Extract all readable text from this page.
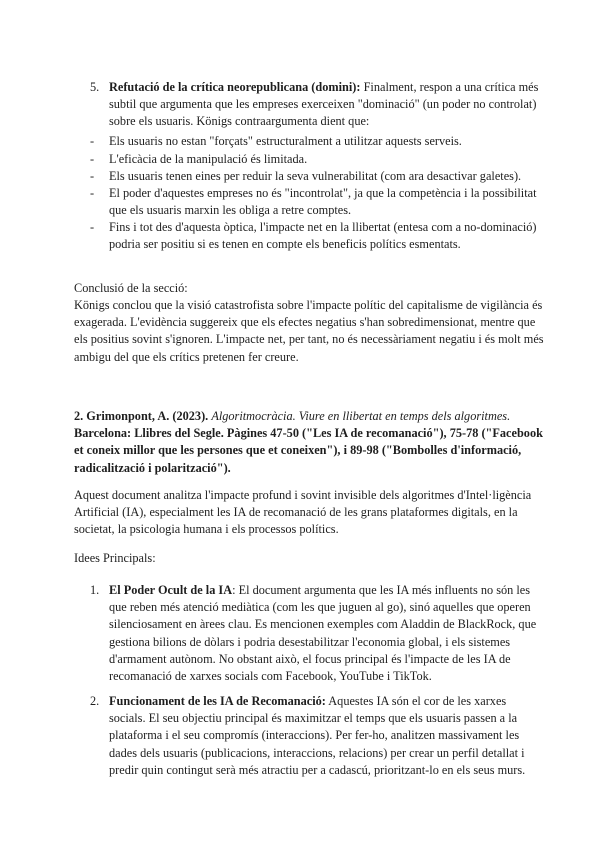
5. Refutació de la crítica neorepublicana (domini): Finalment, respon a una crítica més subtil que argumenta que les empreses exerceixen "dominació" (un poder no controlat) sobre els usuaris. Königs contraargumenta dient que:
- Els usuaris no estan "forçats" estructuralment a utilitzar aquests serveis.
- L'eficàcia de la manipulació és limitada.
- Els usuaris tenen eines per reduir la seva vulnerabilitat (com ara desactivar galetes).
- El poder d'aquestes empreses no és "incontrolat", ja que la competència i la possibilitat que els usuaris marxin les obliga a retre comptes.
- Fins i tot des d'aquesta òptica, l'impacte net en la llibertat (entesa com a no-dominació) podria ser positiu si es tenen en compte els beneficis polítics esmentats.
Conclusió de la secció:
Königs conclou que la visió catastrofista sobre l'impacte polític del capitalisme de vigilància és exagerada. L'evidència suggereix que els efectes negatius s'han sobredimensionat, mentre que els positius sovint s'ignoren. L'impacte net, per tant, no és necessàriament negatiu i és molt més ambigu del que els crítics pretenen fer creure.
2. Grimonpont, A. (2023). Algoritmocràcia. Viure en llibertat en temps dels algoritmes. Barcelona: Llibres del Segle. Pàgines 47-50 ("Les IA de recomanació"), 75-78 ("Facebook et coneix millor que les persones que et coneixen"), i 89-98 ("Bombolles d'informació, radicalització i polarització").
Aquest document analitza l'impacte profund i sovint invisible dels algoritmes d'Intel·ligència Artificial (IA), especialment les IA de recomanació de les grans plataformes digitals, en la societat, la psicologia humana i els processos polítics.
Idees Principals:
1. El Poder Ocult de la IA: El document argumenta que les IA més influents no són les que reben més atenció mediàtica (com les que juguen al go), sinó aquelles que operen silenciosament en àrees clau. Es mencionen exemples com Aladdin de BlackRock, que gestiona bilions de dòlars i podria desestabilitzar l'economia global, i els sistemes d'armament autònom. No obstant això, el focus principal és l'impacte de les IA de recomanació de xarxes socials com Facebook, YouTube i TikTok.
2. Funcionament de les IA de Recomanació: Aquestes IA són el cor de les xarxes socials. El seu objectiu principal és maximitzar el temps que els usuaris passen a la plataforma i el seu compromís (interaccions). Per fer-ho, analitzen massivament les dades dels usuaris (publicacions, interaccions, relacions) per crear un perfil detallat i predir quin contingut serà més atractiu per a cadascú, prioritzant-lo en els seus murs.
